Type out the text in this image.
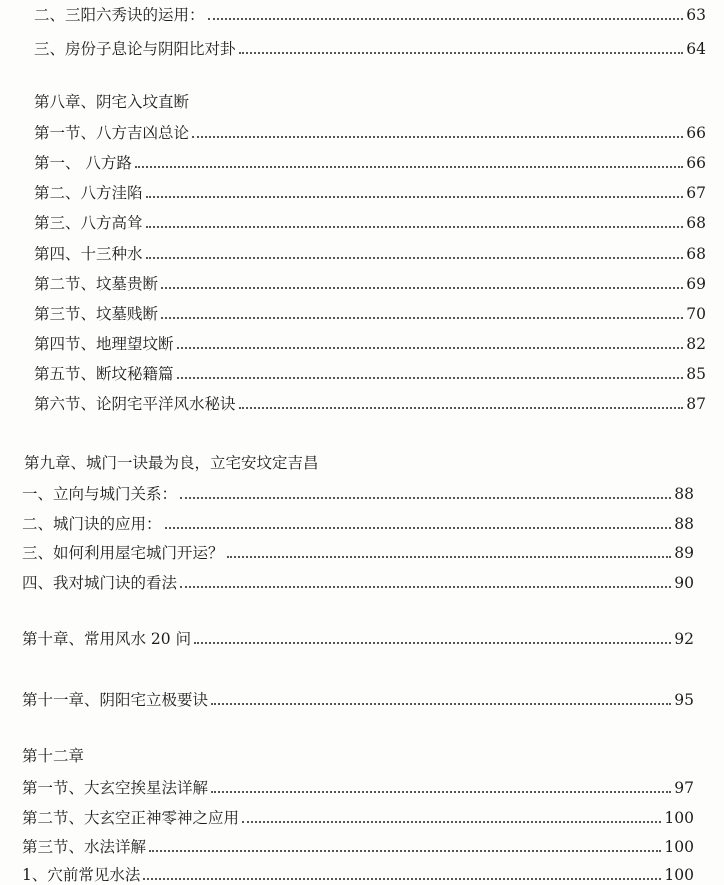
二、三阳六秀诀的运用：	63
三、房份子息论与阴阳比对卦	64
第八章、阴宅入坟直断
第一节、八方吉凶总论	66
第一、 八方路	66
第二、八方洼陷	67
第三、八方高耸	68
第四、十三种水	68
第二节、坟墓贵断	69
第三节、坟墓贱断	70
第四节、地理望坟断	82
第五节、断坟秘籍篇	85
第六节、论阴宅平洋风水秘诀	87
第九章、城门一诀最为良，立宅安坟定吉昌
一、立向与城门关系：	88
二、城门诀的应用：	88
三、如何利用屋宅城门开运？	89
四、我对城门诀的看法	90
第十章、常用风水 20 问	92
第十一章、阴阳宅立极要诀	95
第十二章
第一节、大玄空挨星法详解	97
第二节、大玄空正神零神之应用	100
第三节、水法详解	100
1、穴前常见水法	100
